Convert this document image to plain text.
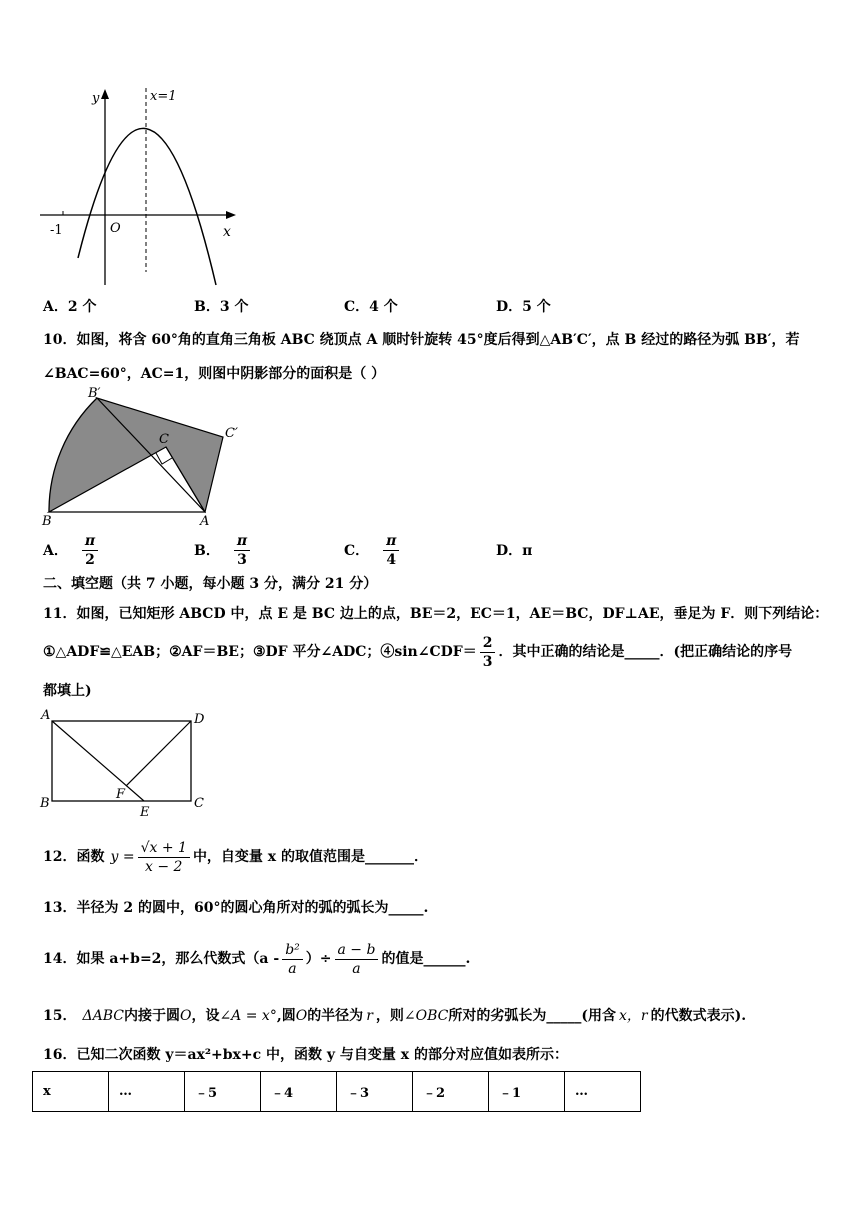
y	x=1
O
-1	x
A．2 个	B．3 个	C．4 个	D．5 个
10．如图，将含 60°角的直角三角板 ABC 绕顶点 A 顺时针旋转 45°度后得到△AB′C′，点 B 经过的路径为弧 BB′，若
∠BAC=60°，AC=1，则图中阴影部分的面积是（ ）
B′
C	C′
B	A
A． $\frac{\pi}{2}$	B． $\frac{\pi}{3}$	C． $\frac{\pi}{4}$	D．π
二、填空题（共 7 小题，每小题 3 分，满分 21 分）
11．如图，已知矩形 ABCD 中，点 E 是 BC 边上的点，BE＝2，EC＝1，AE＝BC，DF⊥AE，垂足为 F．则下列结论：
①△ADF≌△EAB；②AF＝BE；③DF 平分∠ADC；④sin∠CDF＝ $\frac{2}{3}$ ．其中正确的结论是_____．(把正确结论的序号
都填上)
A	D
B	C
F
E
12．函数 $y = \frac{√x + 1}{x - 2}$ 中，自变量 x 的取值范围是_______．
13．半径为 2 的圆中，60°的圆心角所对的弧的弧长为_____.
14．如果 a+b=2，那么代数式（$a - \frac{\text{b²}}{a}$ ）÷ $\frac{a - b}{a}$ 的值是______.
15． ΔABC内接于圆O，设∠A = x°,圆O的半径为 r ，则∠OBC所对的劣弧长为_____(用含 x，r 的代数式表示).
16．已知二次函数 y＝ax²+bx+c 中，函数 y 与自变量 x 的部分对应值如表所示：
x	…	﹣5	﹣4	﹣3	﹣2	﹣1	…
